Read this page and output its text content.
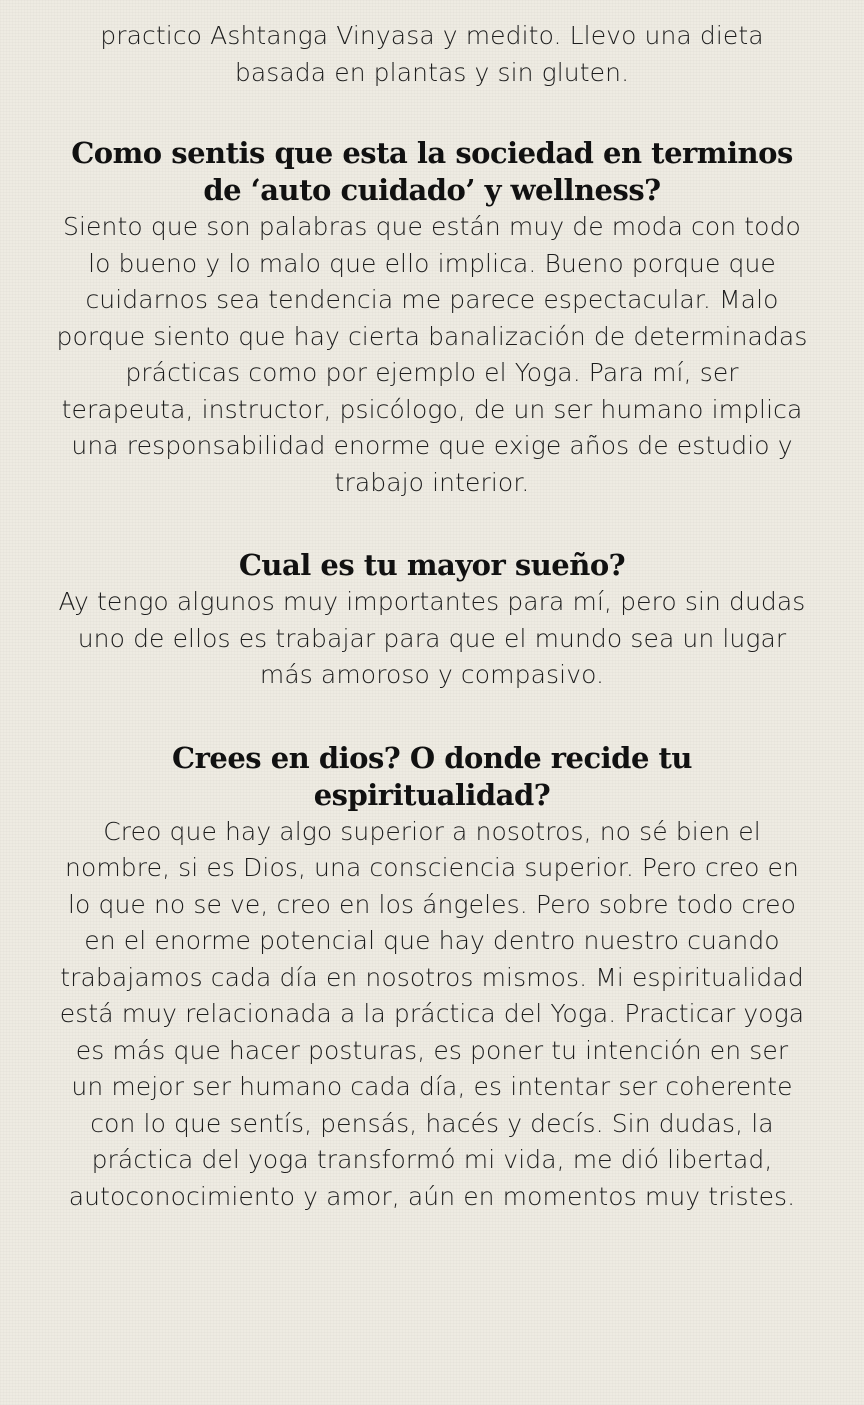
practico Ashtanga Vinyasa y medito. Llevo una dieta basada en plantas y sin gluten.

Como sentis que esta la sociedad en terminos de ‘auto cuidado’ y wellness?

Siento que son palabras que están muy de moda con todo lo bueno y lo malo que ello implica. Bueno porque que cuidarnos sea tendencia me parece espectacular. Malo porque siento que hay cierta banalización de determinadas prácticas como por ejemplo el Yoga. Para mí, ser terapeuta, instructor, psicólogo, de un ser humano implica una responsabilidad enorme que exige años de estudio y trabajo interior.

Cual es tu mayor sueño?

Ay tengo algunos muy importantes para mí, pero sin dudas uno de ellos es trabajar para que el mundo sea un lugar más amoroso y compasivo.

Crees en dios? O donde recide tu espiritualidad?

Creo que hay algo superior a nosotros, no sé bien el nombre, si es Dios, una consciencia superior. Pero creo en lo que no se ve, creo en los ángeles. Pero sobre todo creo en el enorme potencial que hay dentro nuestro cuando trabajamos cada día en nosotros mismos. Mi espiritualidad está muy relacionada a la práctica del Yoga. Practicar yoga es más que hacer posturas, es poner tu intención en ser un mejor ser humano cada día, es intentar ser coherente con lo que sentís, pensás, hacés y decís. Sin dudas, la práctica del yoga transformó mi vida, me dió libertad, autoconocimiento y amor, aún en momentos muy tristes.
